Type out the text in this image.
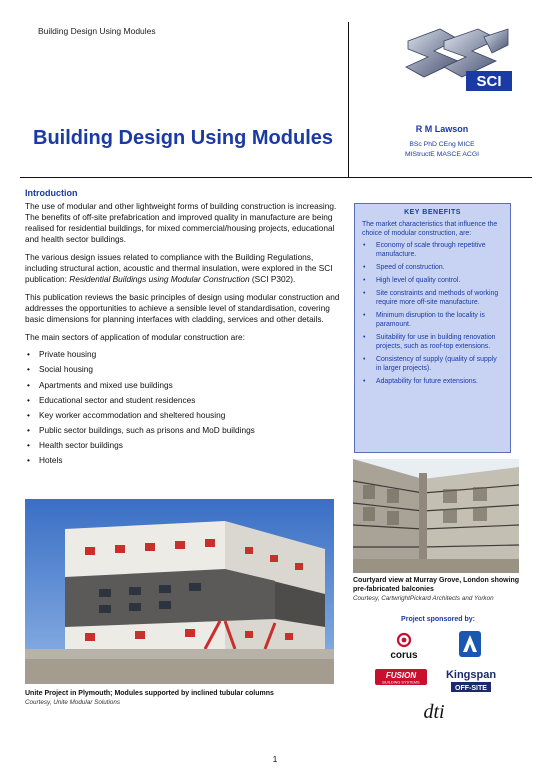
Building Design Using Modules
SCI
Building Design Using Modules	R M Lawson
BSc PhD CEng MICE
MIStructE MASCE ACGI
Introduction

The use of modular and other lightweight forms of building construction is increasing. The benefits of off-site prefabrication and improved quality in manufacture are being realised for residential buildings, for mixed commercial/housing projects, educational and health sector buildings.

The various design issues related to compliance with the Building Regulations, including structural action, acoustic and thermal insulation, were explored in the SCI publication: Residential Buildings using Modular Construction (SCI P302).

This publication reviews the basic principles of design using modular construction and addresses the opportunities to achieve a sensible level of standardisation, covering basic dimensions for planning interfaces with cladding, services and other details.

The main sectors of application of modular construction are:

• Private housing
• Social housing
• Apartments and mixed use buildings
• Educational sector and student residences
• Key worker accommodation and sheltered housing
• Public sector buildings, such as prisons and MoD buildings
• Health sector buildings
• Hotels
KEY BENEFITS
The market characteristics that influence the choice of modular construction, are:
• Economy of scale through repetitive manufacture.
• Speed of construction.
• High level of quality control.
• Site constraints and methods of working require more off-site manufacture.
• Minimum disruption to the locality is paramount.
• Suitability for use in building renovation projects, such as roof-top extensions.
• Consistency of supply (quality of supply in larger projects).
• Adaptability for future extensions.
Courtyard view at Murray Grove, London showing pre-fabricated balconies
Courtesy, CartwrightPickard Architects and Yorkon
Unite Project in Plymouth; Modules supported by inclined tubular columns
Courtesy, Unite Modular Solutions
Project sponsored by:
corus
FUSION
BUILDING SYSTEMS
Kingspan
OFF-SITE
dti
1
